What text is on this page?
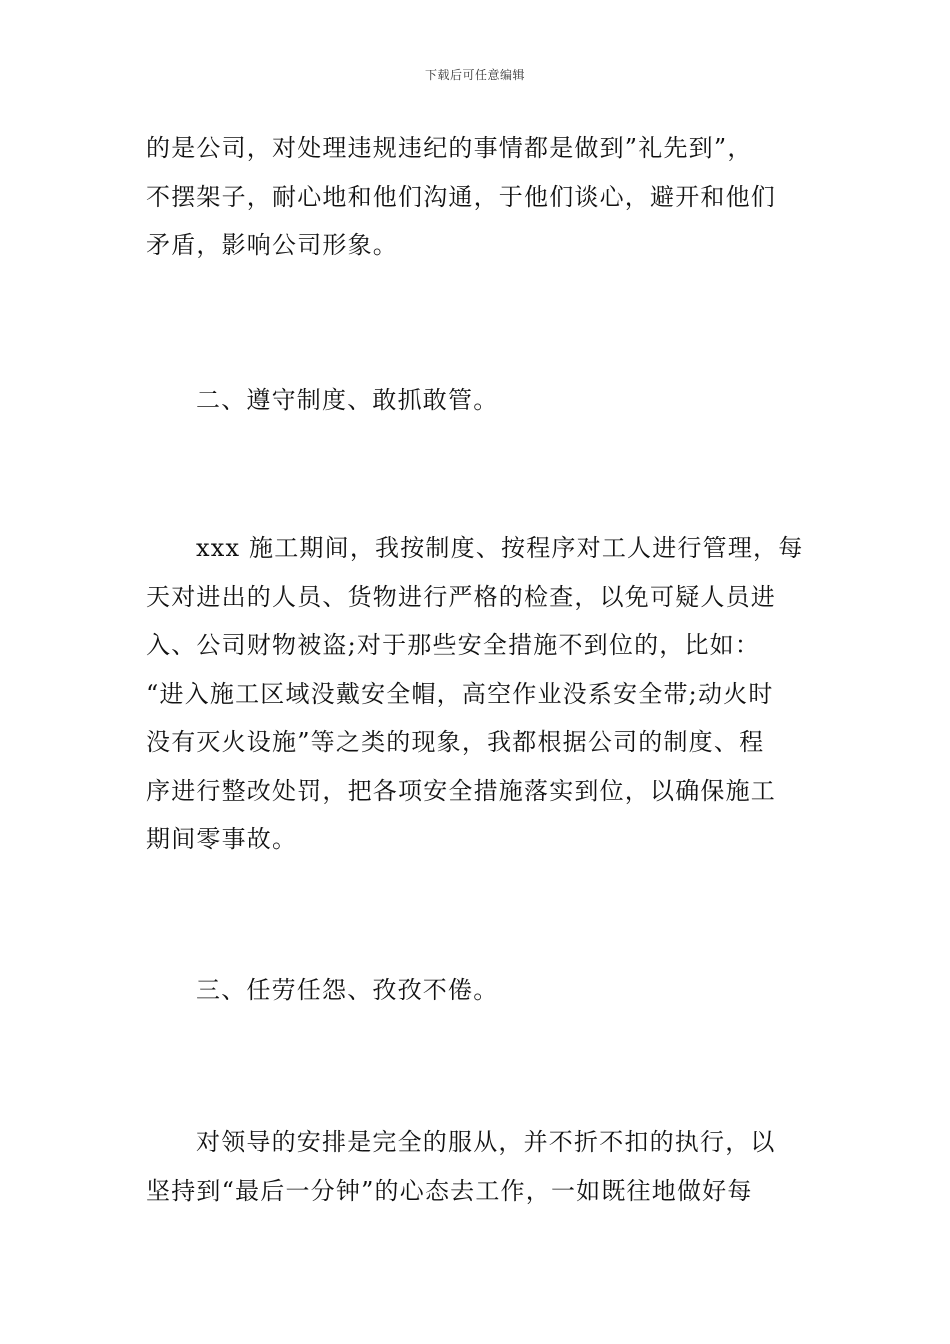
下载后可任意编辑
的是公司，对处理违规违纪的事情都是做到”礼先到”，
不摆架子，耐心地和他们沟通，于他们谈心，避开和他们
矛盾，影响公司形象。
二、遵守制度、敢抓敢管。
xxx 施工期间，我按制度、按程序对工人进行管理，每
天对进出的人员、货物进行严格的检查，以免可疑人员进
入、公司财物被盗;对于那些安全措施不到位的，比如：
“进入施工区域没戴安全帽，高空作业没系安全带;动火时
没有灭火设施”等之类的现象，我都根据公司的制度、程
序进行整改处罚，把各项安全措施落实到位，以确保施工
期间零事故。
三、任劳任怨、孜孜不倦。
对领导的安排是完全的服从，并不折不扣的执行，以
坚持到“最后一分钟”的心态去工作，一如既往地做好每
